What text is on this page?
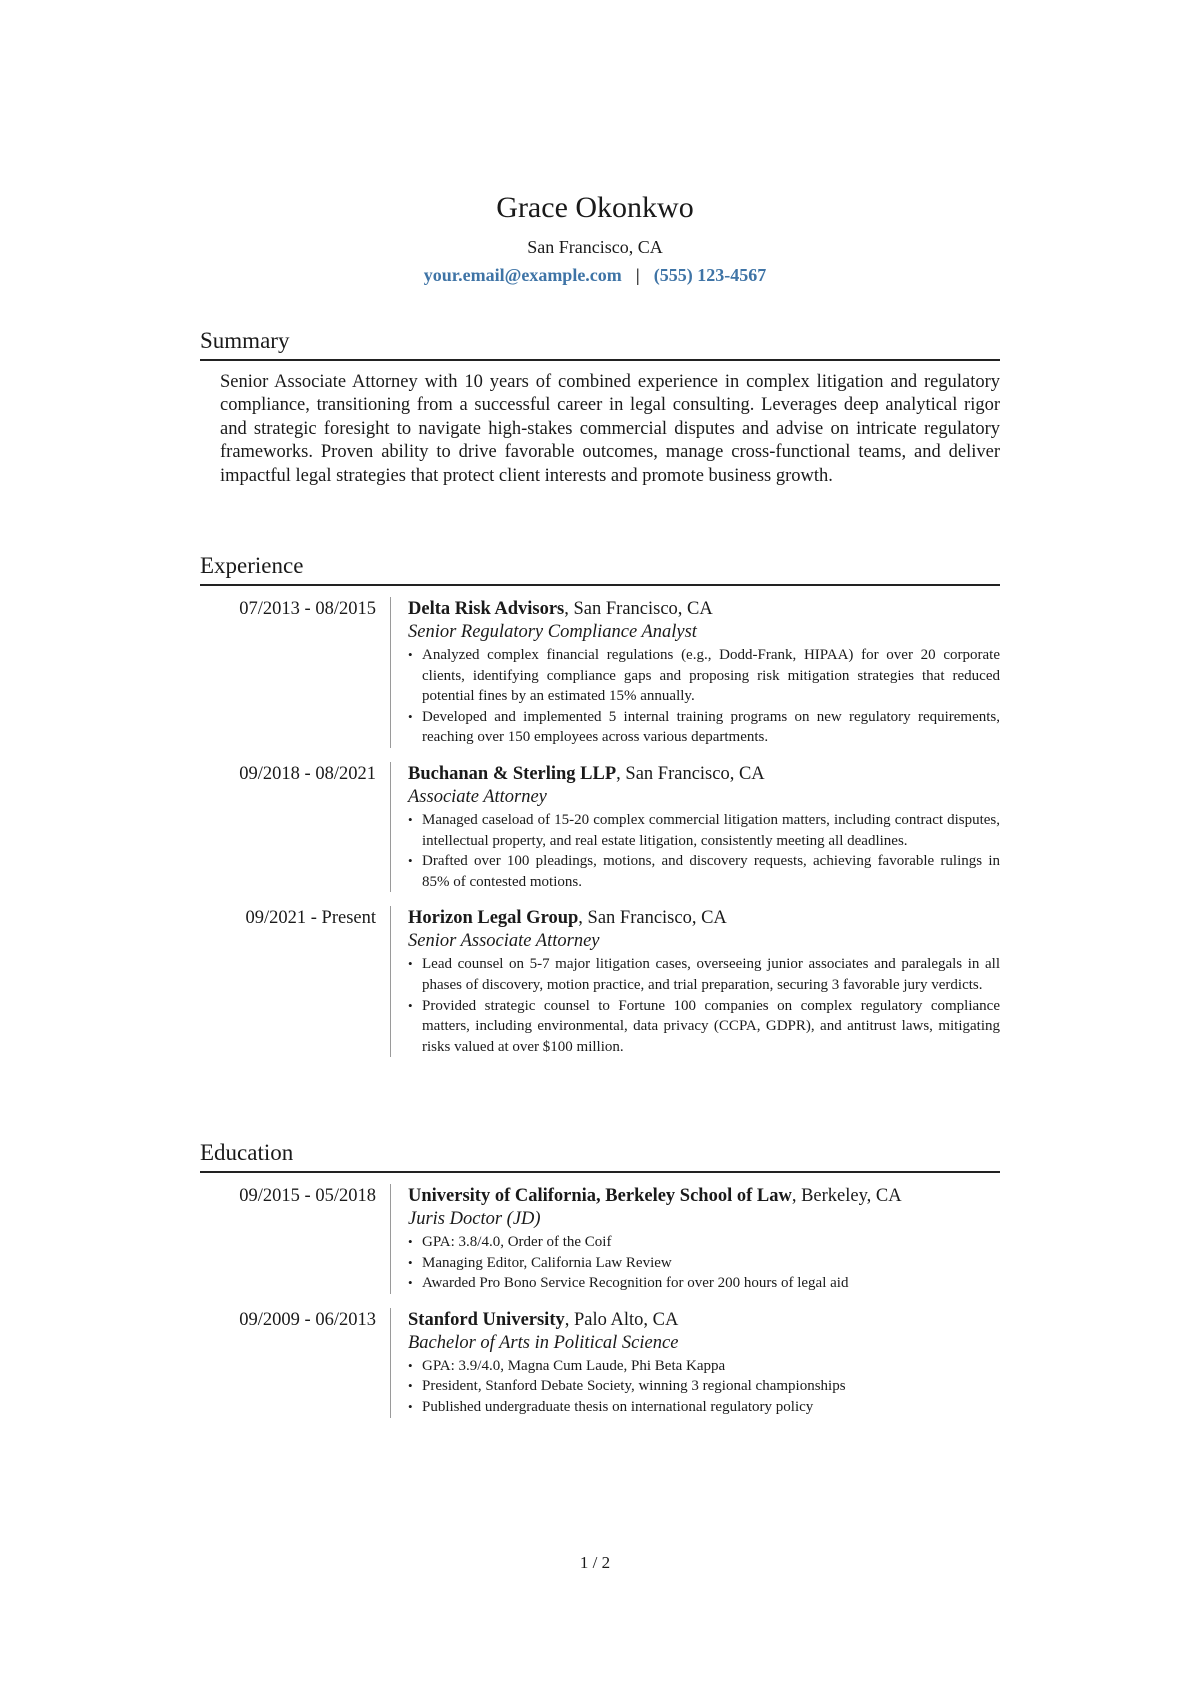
Grace Okonkwo
San Francisco, CA
your.email@example.com | (555) 123-4567
Summary
Senior Associate Attorney with 10 years of combined experience in complex litigation and regulatory compliance, transitioning from a successful career in legal consulting. Leverages deep analytical rigor and strategic foresight to navigate high-stakes commercial disputes and advise on intricate regulatory frameworks. Proven ability to drive favorable outcomes, manage cross-functional teams, and deliver impactful legal strategies that protect client interests and promote business growth.
Experience
07/2013 - 08/2015 Delta Risk Advisors, San Francisco, CA
Senior Regulatory Compliance Analyst
• Analyzed complex financial regulations (e.g., Dodd-Frank, HIPAA) for over 20 corporate clients, identifying compliance gaps and proposing risk mitigation strategies that reduced potential fines by an estimated 15% annually.
• Developed and implemented 5 internal training programs on new regulatory requirements, reaching over 150 employees across various departments.
09/2018 - 08/2021 Buchanan & Sterling LLP, San Francisco, CA
Associate Attorney
• Managed caseload of 15-20 complex commercial litigation matters, including contract disputes, intellectual property, and real estate litigation, consistently meeting all deadlines.
• Drafted over 100 pleadings, motions, and discovery requests, achieving favorable rulings in 85% of contested motions.
09/2021 - Present Horizon Legal Group, San Francisco, CA
Senior Associate Attorney
• Lead counsel on 5-7 major litigation cases, overseeing junior associates and paralegals in all phases of discovery, motion practice, and trial preparation, securing 3 favorable jury verdicts.
• Provided strategic counsel to Fortune 100 companies on complex regulatory compliance matters, including environmental, data privacy (CCPA, GDPR), and antitrust laws, mitigating risks valued at over $100 million.
Education
09/2015 - 05/2018 University of California, Berkeley School of Law, Berkeley, CA
Juris Doctor (JD)
• GPA: 3.8/4.0, Order of the Coif
• Managing Editor, California Law Review
• Awarded Pro Bono Service Recognition for over 200 hours of legal aid
09/2009 - 06/2013 Stanford University, Palo Alto, CA
Bachelor of Arts in Political Science
• GPA: 3.9/4.0, Magna Cum Laude, Phi Beta Kappa
• President, Stanford Debate Society, winning 3 regional championships
• Published undergraduate thesis on international regulatory policy
1 / 2
